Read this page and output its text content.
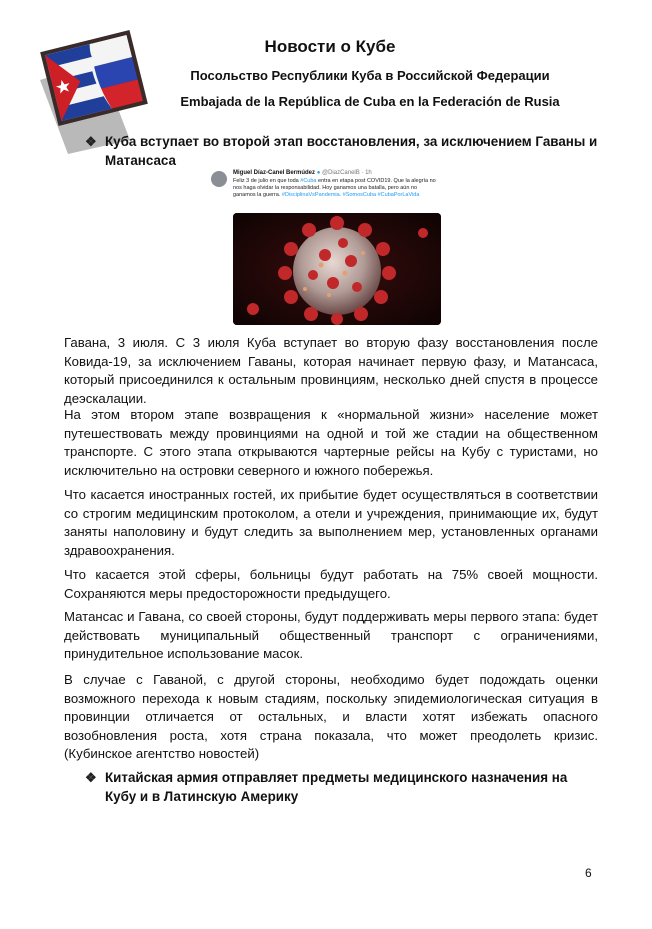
Новости о Кубе
Посольство Республики Куба в Российской Федерации
Embajada de la República de Cuba en la Federación de Rusia
❖ Куба вступает во второй этап восстановления, за исключением Гаваны и Матансаса
Miguel Díaz-Canel Bermúdez ● @DiazCanelB · 1h
Feliz 3 de julio en que toda #Cuba entra en etapa post COVID19. Que la alegría no nos haga olvidar la responsabilidad. Hoy ganamos una batalla, pero aún no ganamos la guerra. #DisciplinaVsPandemia. #SomosCuba #CubaPorLaVida

Гавана, 3 июля. С 3 июля Куба вступает во вторую фазу восстановления после Ковида-19, за исключением Гаваны, которая начинает первую фазу, и Матансаса, который присоединился к остальным провинциям, несколько дней спустя в процессе деэскалации.

На этом втором этапе возвращения к «нормальной жизни» население может путешествовать между провинциями на одной и той же стадии на общественном транспорте. С этого этапа открываются чартерные рейсы на Кубу с туристами, но исключительно на островки северного и южного побережья.

Что касается иностранных гостей, их прибытие будет осуществляться в соответствии со строгим медицинским протоколом, а отели и учреждения, принимающие их, будут заняты наполовину и будут следить за выполнением мер, установленных органами здравоохранения.

Что касается этой сферы, больницы будут работать на 75% своей мощности. Сохраняются меры предосторожности предыдущего.

Матансас и Гавана, со своей стороны, будут поддерживать меры первого этапа: будет действовать муниципальный общественный транспорт с ограничениями, принудительное использование масок.

В случае с Гаваной, с другой стороны, необходимо будет подождать оценки возможного перехода к новым стадиям, поскольку эпидемиологическая ситуация в провинции отличается от остальных, и власти хотят избежать опасного возобновления роста, хотя страна показала, что может преодолеть кризис. (Кубинское агентство новостей)

❖ Китайская армия отправляет предметы медицинского назначения на Кубу и в Латинскую Америку
6
